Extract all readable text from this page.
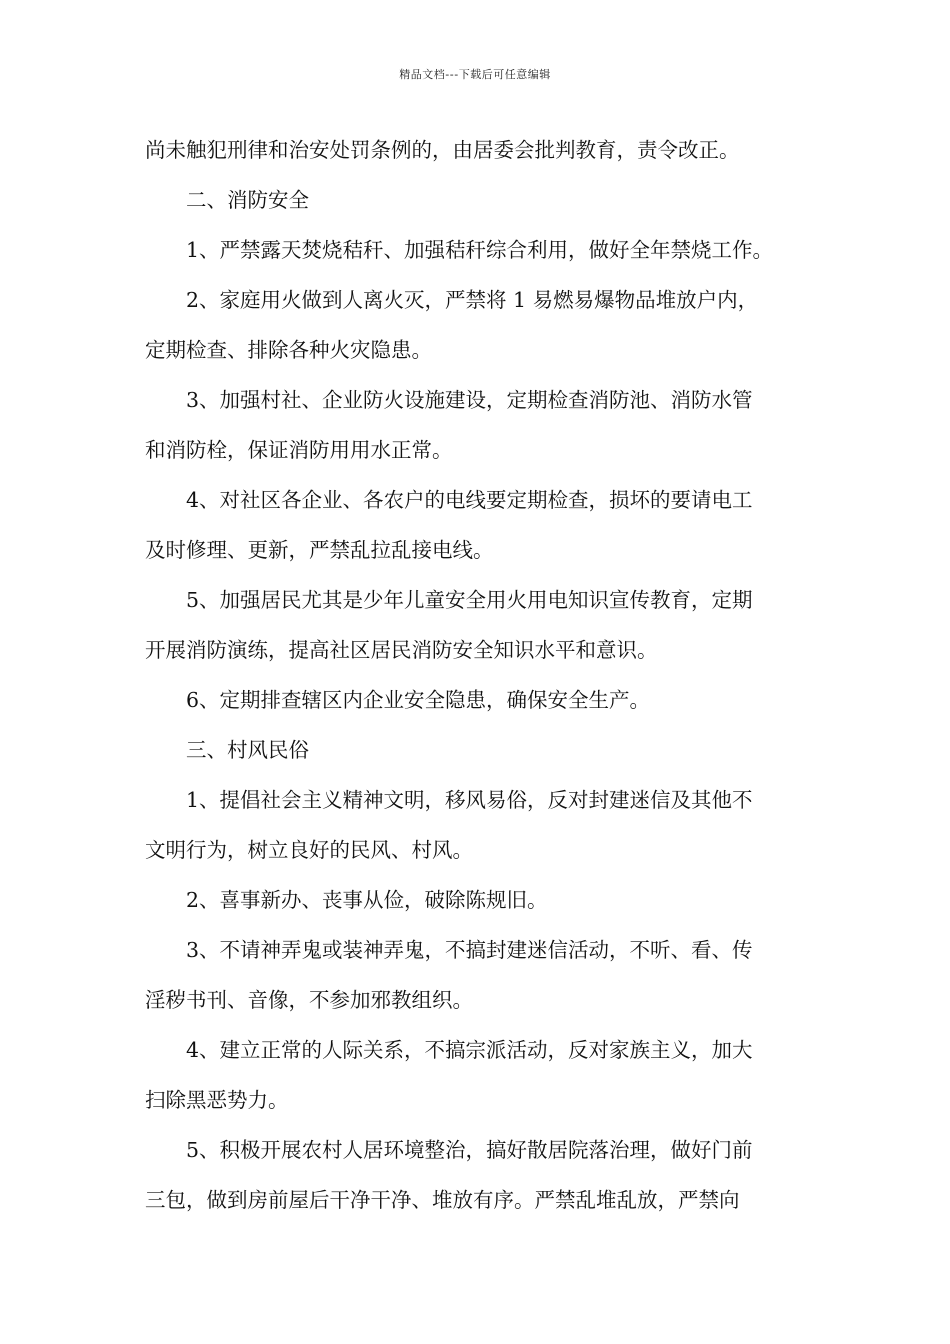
精品文档---下载后可任意编辑
尚未触犯刑律和治安处罚条例的，由居委会批判教育，责令改正。
二、消防安全
1、严禁露天焚烧秸秆、加强秸秆综合利用，做好全年禁烧工作。
2、家庭用火做到人离火灭，严禁将 1 易燃易爆物品堆放户内，
定期检查、排除各种火灾隐患。
3、加强村社、企业防火设施建设，定期检查消防池、消防水管
和消防栓，保证消防用用水正常。
4、对社区各企业、各农户的电线要定期检查，损坏的要请电工
及时修理、更新，严禁乱拉乱接电线。
5、加强居民尤其是少年儿童安全用火用电知识宣传教育，定期
开展消防演练，提高社区居民消防安全知识水平和意识。
6、定期排查辖区内企业安全隐患，确保安全生产。
三、村风民俗
1、提倡社会主义精神文明，移风易俗，反对封建迷信及其他不
文明行为，树立良好的民风、村风。
2、喜事新办、丧事从俭，破除陈规旧。
3、不请神弄鬼或装神弄鬼，不搞封建迷信活动，不听、看、传
淫秽书刊、音像，不参加邪教组织。
4、建立正常的人际关系，不搞宗派活动，反对家族主义，加大
扫除黑恶势力。
5、积极开展农村人居环境整治，搞好散居院落治理，做好门前
三包，做到房前屋后干净干净、堆放有序。严禁乱堆乱放，严禁向
